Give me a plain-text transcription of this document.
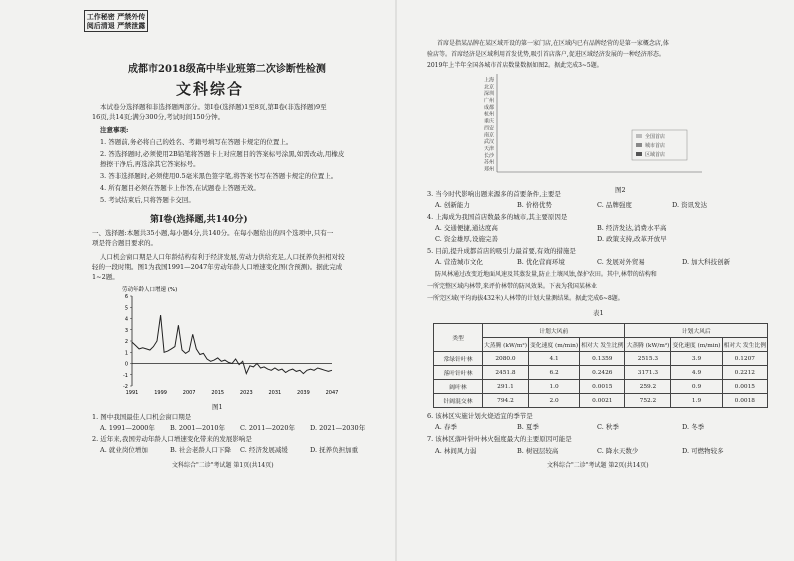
工作秘密 严禁外传
阅后清退 严禁泄露
成都市2018级高中毕业班第二次诊断性检测
文科综合
本试卷分选择题和非选择题两部分。第Ⅰ卷(选择题)1至8页,第Ⅱ卷(非选择题)9至
16页,共14页;满分300分,考试时间150分钟。
注意事项:
1. 答题前,务必将自己的姓名、考籍号填写在答题卡规定的位置上。
2. 答选择题时,必须使用2B铅笔将答题卡上对应题目的答案标号涂黑,如需改动,用橡皮
擦擦干净后,再选涂其它答案标号。
3. 答非选择题时,必须使用0.5毫米黑色签字笔,将答案书写在答题卡规定的位置上。
4. 所有题目必须在答题卡上作答,在试题卷上答题无效。
5. 考试结束后,只将答题卡交回。
第Ⅰ卷(选择题,共140分)
一、选择题:本题共35小题,每小题4分,共140分。在每小题给出的四个选项中,只有一
项是符合题目要求的。
人口机会窗口期是人口年龄结构有利于经济发展,劳动力供给充足,人口抚养负担相对较
轻的一段时期。图1为我国1991—2047年劳动年龄人口增速变化图(含预测)。据此完成
1~2题。
劳动年龄人口增速 (%)
6
5
4
3
2
1
0
-1
-2
1991	1999	2007	2015	2023	2031	2039	2047
图1
1. 图中我国最佳人口机会窗口期是
A. 1991—2000年 B. 2001—2010年 C. 2011—2020年 D. 2021—2030年
2. 近年来,我国劳动年龄人口增速变化带来的发展影响是
A. 就业岗位增加	B. 社会老龄人口下降 C. 经济发展减缓	D. 抚养负担加重
文科综合"二诊"考试题 第1页(共14页)
首席是指某品牌在某区域开设的第一家门店,在区域内已有品牌经营的是第一家概念店,体
验店等。首席经济是区域利用首发优势,吸引首店落户,促进区域经济发展的一种经济形态。
2019年上半年全国各城市首店数量数据如图2。据此完成3~5题。
上海
北京
深圳
广州
成都
杭州
重庆
西安
南京
武汉
天津
长沙
苏州
郑州
全国首店
城市首店
区域首店
图2
3. 当今时代影响出题来源多的首要条件,主要是
A. 创新能力	B. 价格优势	C. 品牌强度	D. 资讯发达
4. 上海成为我国首店数最多的城市,其主要原因是
A. 交通便捷,通达度高	B. 经济发达,消费水平高
C. 资金雄厚,设施完善	D. 政策支持,改革开放早
5. 目前,提升成都首店的吸引力最首要,有效的措施是
A. 营造城市文化	B. 优化营商环境	C. 发展对外贸易	D. 加大科技创新
防风林通过改变近地面风速及其蒸发量,防止土壤风蚀,保护农田。其中,林带的结构和
一所完整区域内林带,来评价林带的防风效果。下表为我国某林业
一所完区域(平均海拔432米)人林带的计划大量测结果。据此完成6~8题。
表1
类型	计划大风前			计划大风后		
	大蒸腾 (kW/m²)	变化速度 (m/min)	相对大 发生比例	大蒸腾 (kW/m²)	变化速度 (m/min)	相对大 发生比例
常绿针叶林	2080.0	4.1	0.1359	2515.3	3.9	0.1207
落叶针叶林	2451.8	6.2	0.2426	3171.3	4.9	0.2212
阔叶林	291.1	1.0	0.0015	259.2	0.9	0.0015
针阔混交林	794.2	2.0	0.0021	752.2	1.9	0.0018
6. 该林区实施计划火烧适宜的季节是
A. 春季	B. 夏季	C. 秋季	D. 冬季
7. 该林区落叶针叶林火强度最大的主要原因可能是
A. 林间风力弱	B. 树冠层较高	C. 降水天数少	D. 可燃物较多
文科综合"二诊"考试题 第2页(共14页)
